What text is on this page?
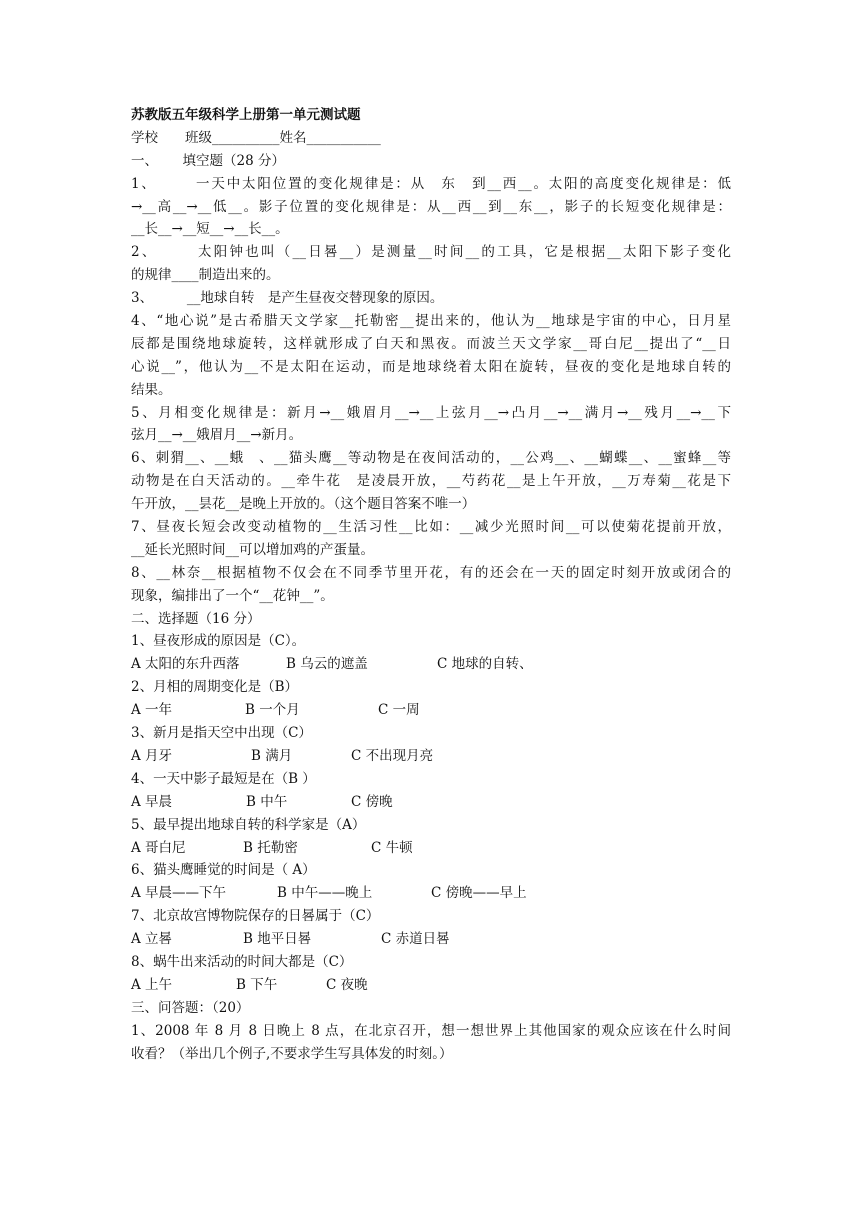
苏教版五年级科学上册第一单元测试题
学校　　班级__________姓名___________
一、　　 填空题（28 分）
1、　　　一天中太阳位置的变化规律是：从　东　到__西__。太阳的高度变化规律是：低
→__高__→__低__。影子位置的变化规律是：从__西__到__东__，影子的长短变化规律是：
__长__→__短__→__长__。
2、　　　太阳钟也叫（__日晷__）是测量__时间__的工具，它是根据__太阳下影子变化
的规律____制造出来的。
3、　　　__地球自转　是产生昼夜交替现象的原因。
4、“地心说”是古希腊天文学家__托勒密__提出来的，他认为__地球是宇宙的中心，日月星
辰都是围绕地球旋转，这样就形成了白天和黑夜。而波兰天文学家__哥白尼__提出了“__日
心说__”，他认为__不是太阳在运动，而是地球绕着太阳在旋转，昼夜的变化是地球自转的
结果。
5、月相变化规律是：新月→__娥眉月__→__上弦月__→凸月__→__满月→__残月__→__下
弦月__→__娥眉月__→新月。
6、刺猬__、__蛾　、__猫头鹰__等动物是在夜间活动的，__公鸡__、__蝴蝶__、__蜜蜂__等
动物是在白天活动的。__牵牛花　是凌晨开放，__芍药花__是上午开放，__万寿菊__花是下
午开放，__昙花__是晚上开放的。（这个题目答案不唯一）
7、昼夜长短会改变动植物的__生活习性__比如：__减少光照时间__可以使菊花提前开放，
__延长光照时间__可以增加鸡的产蛋量。
8、__林奈__根据植物不仅会在不同季节里开花，有的还会在一天的固定时刻开放或闭合的
现象，编排出了一个“__花钟__”。
二、选择题（16 分）
1、昼夜形成的原因是（C）。
A 太阳的东升西落	B 乌云的遮盖	C 地球的自转、
2、月相的周期变化是（B）
A 一年	B 一个月	C 一周
3、新月是指天空中出现（C）
A 月牙	B 满月	C 不出现月亮
4、一天中影子最短是在（B ）
A 早晨	B 中午	C 傍晚
5、最早提出地球自转的科学家是（A）
A 哥白尼	B 托勒密	C 牛顿
6、猫头鹰睡觉的时间是（ A）
A 早晨——下午	B 中午——晚上	C 傍晚——早上
7、北京故宫博物院保存的日晷属于（C）
A 立晷	B 地平日晷	C 赤道日晷
8、蜗牛出来活动的时间大都是（C）
A 上午	B 下午	C 夜晚
三、问答题：（20）
1、2008 年 8 月 8 日晚上 8 点，在北京召开，想一想世界上其他国家的观众应该在什么时间
收看？（举出几个例子,不要求学生写具体发的时刻。）
